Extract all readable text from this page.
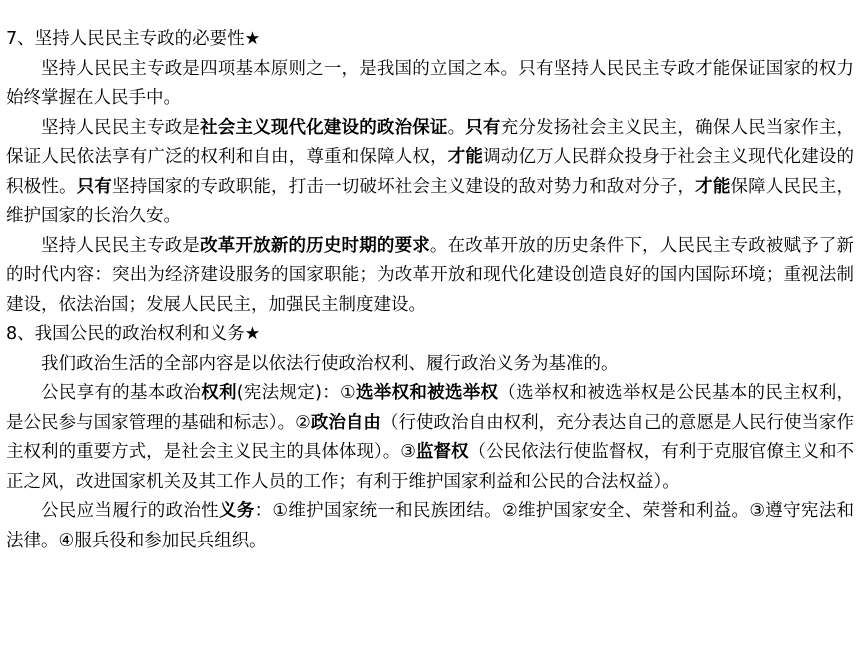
7、坚持人民民主专政的必要性★

坚持人民民主专政是四项基本原则之一，是我国的立国之本。只有坚持人民民主专政才能保证国家的权力始终掌握在人民手中。

坚持人民民主专政是社会主义现代化建设的政治保证。只有充分发扬社会主义民主，确保人民当家作主，保证人民依法享有广泛的权利和自由，尊重和保障人权，才能调动亿万人民群众投身于社会主义现代化建设的积极性。只有坚持国家的专政职能，打击一切破坏社会主义建设的敌对势力和敌对分子，才能保障人民民主，维护国家的长治久安。

坚持人民民主专政是改革开放新的历史时期的要求。在改革开放的历史条件下，人民民主专政被赋予了新的时代内容：突出为经济建设服务的国家职能；为改革开放和现代化建设创造良好的国内国际环境；重视法制建设，依法治国；发展人民民主，加强民主制度建设。

8、我国公民的政治权利和义务★

我们政治生活的全部内容是以依法行使政治权利、履行政治义务为基准的。

公民享有的基本政治权利(宪法规定)：①选举权和被选举权（选举权和被选举权是公民基本的民主权利，是公民参与国家管理的基础和标志）。②政治自由（行使政治自由权利，充分表达自己的意愿是人民行使当家作主权利的重要方式，是社会主义民主的具体体现）。③监督权（公民依法行使监督权，有利于克服官僚主义和不正之风，改进国家机关及其工作人员的工作；有利于维护国家利益和公民的合法权益）。

公民应当履行的政治性义务：①维护国家统一和民族团结。②维护国家安全、荣誉和利益。③遵守宪法和法律。④服兵役和参加民兵组织。
